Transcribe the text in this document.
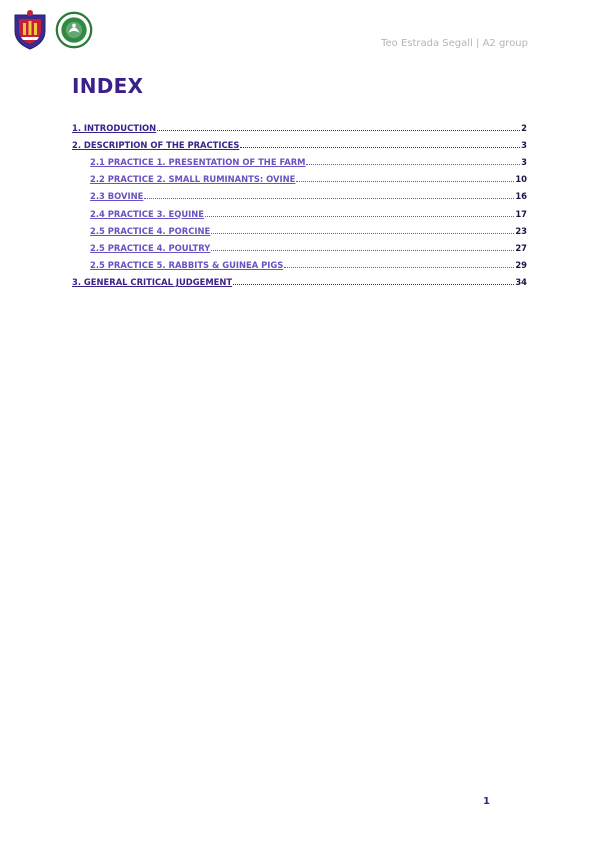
Teo Estrada Segall | A2 group
INDEX
1. INTRODUCTION	2
2. DESCRIPTION OF THE PRACTICES	3
2.1 PRACTICE 1. PRESENTATION OF THE FARM	3
2.2 PRACTICE 2. SMALL RUMINANTS: OVINE	10
2.3 BOVINE	16
2.4 PRACTICE 3. EQUINE	17
2.5 PRACTICE 4. PORCINE	23
2.5 PRACTICE 4. POULTRY	27
2.5 PRACTICE 5. RABBITS & GUINEA PIGS	29
3. GENERAL CRITICAL JUDGEMENT	34
1
